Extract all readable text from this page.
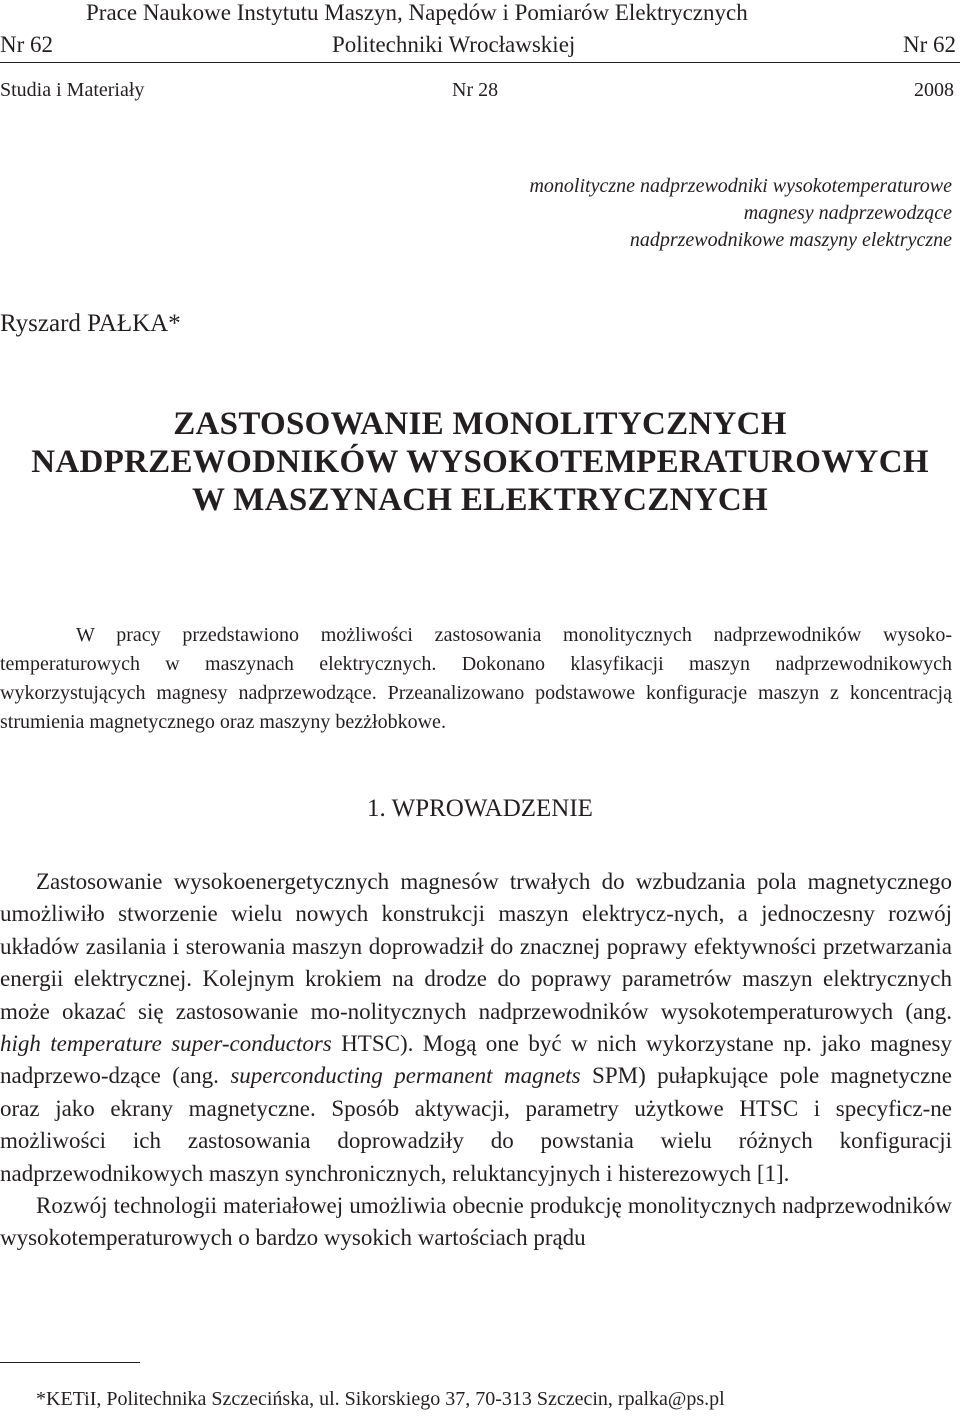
Prace Naukowe Instytutu Maszyn, Napędów i Pomiarów Elektrycznych
Nr 62	Politechniki Wrocławskiej	Nr 62
Studia i Materiały	Nr 28	2008
monolityczne nadprzewodniki wysokotemperaturowe
magnesy nadprzewodzące
nadprzewodnikowe maszyny elektryczne
Ryszard PAŁKA*
ZASTOSOWANIE MONOLITYCZNYCH
NADPRZEWODNIKÓW WYSOKOTEMPERATUROWYCH
W MASZYNACH ELEKTRYCZNYCH
W pracy przedstawiono możliwości zastosowania monolitycznych nadprzewodników wysoko-temperaturowych w maszynach elektrycznych. Dokonano klasyfikacji maszyn nadprzewodnikowych wykorzystujących magnesy nadprzewodzące. Przeanalizowano podstawowe konfiguracje maszyn z koncentracją strumienia magnetycznego oraz maszyny bezżłobkowe.
1. WPROWADZENIE

Zastosowanie wysokoenergetycznych magnesów trwałych do wzbudzania pola magnetycznego umożliwiło stworzenie wielu nowych konstrukcji maszyn elektrycz-nych, a jednoczesny rozwój układów zasilania i sterowania maszyn doprowadził do znacznej poprawy efektywności przetwarzania energii elektrycznej. Kolejnym krokiem na drodze do poprawy parametrów maszyn elektrycznych może okazać się zastosowanie mo-nolitycznych nadprzewodników wysokotemperaturowych (ang. high temperature super-conductors HTSC). Mogą one być w nich wykorzystane np. jako magnesy nadprzewo-dzące (ang. superconducting permanent magnets SPM) pułapkujące pole magnetyczne oraz jako ekrany magnetyczne. Sposób aktywacji, parametry użytkowe HTSC i specyficz-ne możliwości ich zastosowania doprowadziły do powstania wielu różnych konfiguracji nadprzewodnikowych maszyn synchronicznych, reluktancyjnych i histerezowych [1].

Rozwój technologii materiałowej umożliwia obecnie produkcję monolitycznych nadprzewodników wysokotemperaturowych o bardzo wysokich wartościach prądu

*KETiI, Politechnika Szczecińska, ul. Sikorskiego 37, 70-313 Szczecin, rpalka@ps.pl
